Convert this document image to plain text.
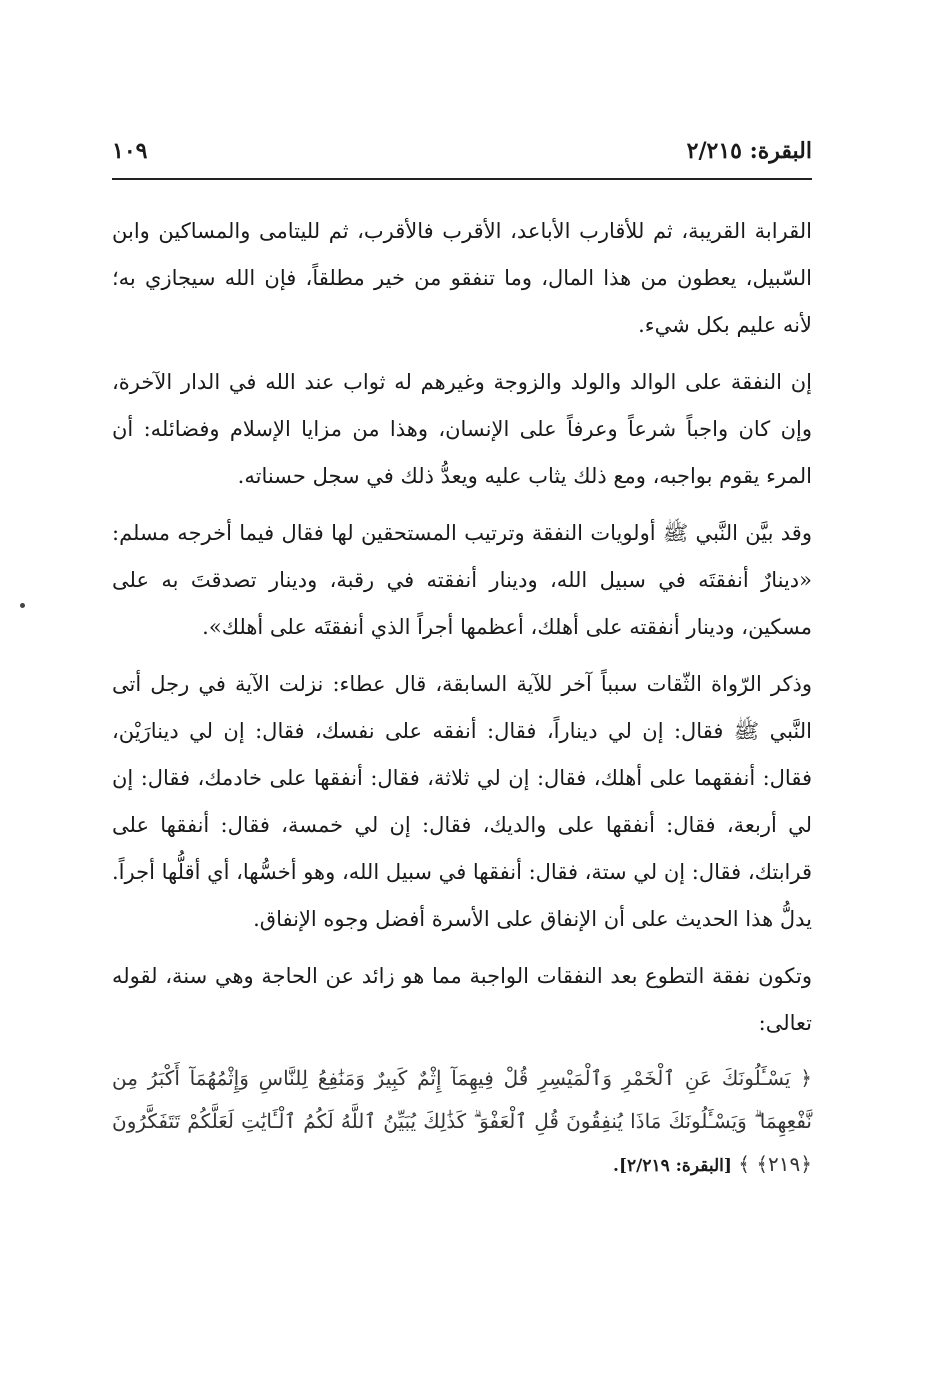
البقرة: ٢/٢١٥
١٠٩

القرابة القريبة، ثم للأقارب الأباعد، الأقرب فالأقرب، ثم لليتامى والمساكين وابن السّبيل، يعطون من هذا المال، وما تنفقو من خير مطلقاً، فإن الله سيجازي به؛ لأنه عليم بكل شيء.

إن النفقة على الوالد والولد والزوجة وغيرهم له ثواب عند الله في الدار الآخرة، وإن كان واجباً شرعاً وعرفاً على الإنسان، وهذا من مزايا الإسلام وفضائله: أن المرء يقوم بواجبه، ومع ذلك يثاب عليه ويعدُّ ذلك في سجل حسناته.

وقد بيَّن النَّبي ﷺ أولويات النفقة وترتيب المستحقين لها فقال فيما أخرجه مسلم: «دينارٌ أنفقتَه في سبيل الله، ودينار أنفقته في رقبة، ودينار تصدقتَ به على مسكين، ودينار أنفقته على أهلك، أعظمها أجراً الذي أنفقتَه على أهلك».

وذكر الرّواة الثّقات سبباً آخر للآية السابقة، قال عطاء: نزلت الآية في رجل أتى النَّبي ﷺ فقال: إن لي ديناراً، فقال: أنفقه على نفسك، فقال: إن لي دينارَيْن، فقال: أنفقهما على أهلك، فقال: إن لي ثلاثة، فقال: أنفقها على خادمك، فقال: إن لي أربعة، فقال: أنفقها على والديك، فقال: إن لي خمسة، فقال: أنفقها على قرابتك، فقال: إن لي ستة، فقال: أنفقها في سبيل الله، وهو أخسُّها، أي أقلُّها أجراً. يدلُّ هذا الحديث على أن الإنفاق على الأسرة أفضل وجوه الإنفاق.

وتكون نفقة التطوع بعد النفقات الواجبة مما هو زائد عن الحاجة وهي سنة، لقوله تعالى:

﴿ يَسْـَٔلُونَكَ عَنِ ٱلْخَمْرِ وَٱلْمَيْسِرِ قُلْ فِيهِمَآ إِثْمٌ كَبِيرٌ وَمَنَٰفِعُ لِلنَّاسِ وَإِثْمُهُمَآ أَكْبَرُ مِن نَّفْعِهِمَا ۗ وَيَسْـَٔلُونَكَ مَاذَا يُنفِقُونَ قُلِ ٱلْعَفْوَ ۗ كَذَٰلِكَ يُبَيِّنُ ٱللَّهُ لَكُمُ ٱلْـَٔايَٰتِ لَعَلَّكُمْ تَتَفَكَّرُونَ ﴿٢١٩﴾ ﴾ [البقرة: ٢/٢١٩].
